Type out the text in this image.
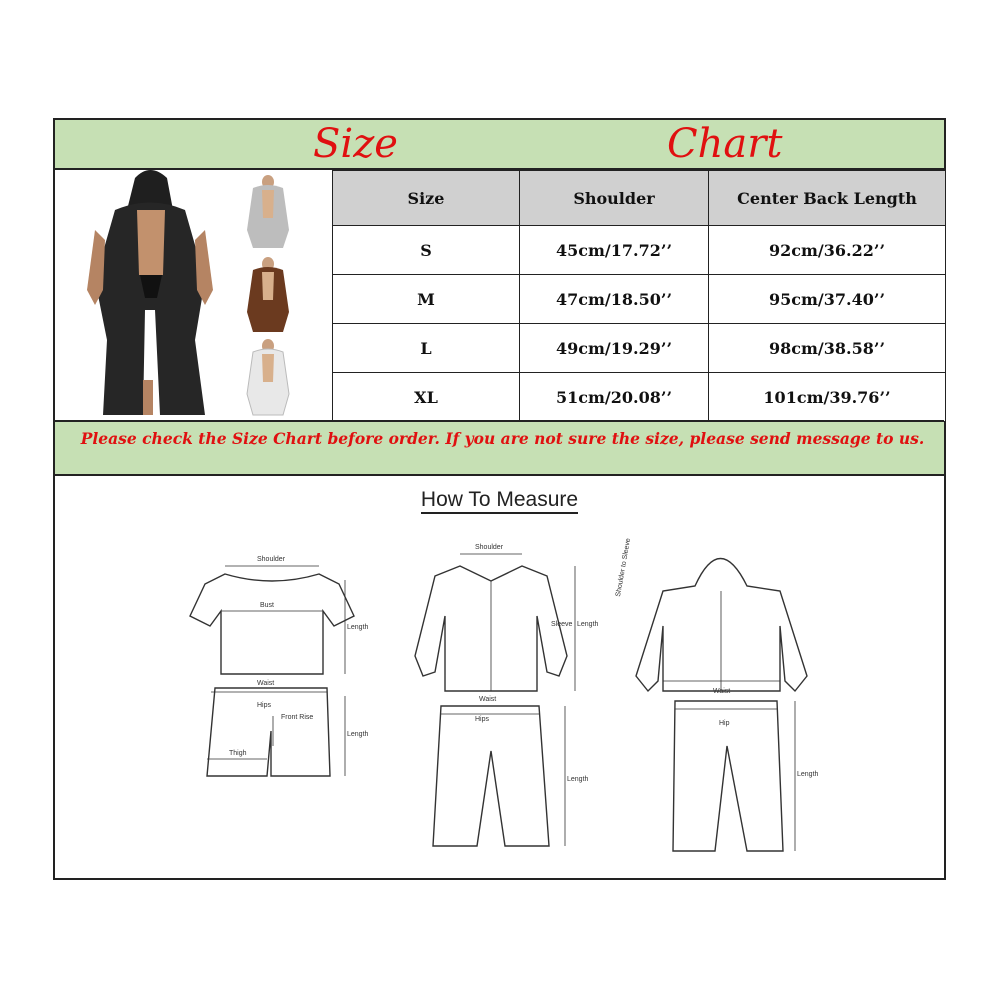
Size	Chart
Size	Shoulder	Center Back Length
S	45cm/17.72’’	92cm/36.22’’
M	47cm/18.50’’	95cm/37.40’’
L	49cm/19.29’’	98cm/38.58’’
XL	51cm/20.08’’	101cm/39.76’’
Please check the Size Chart before order. If you are not sure the size, please send message to us.
How To Measure
Shoulder
Bust
Length
Waist
Hips
Front Rise
Thigh
Length
Shoulder
Sleeve Length
Waist
Hips
Length
Shoulder to Sleeve
Waist
Hip
Length
